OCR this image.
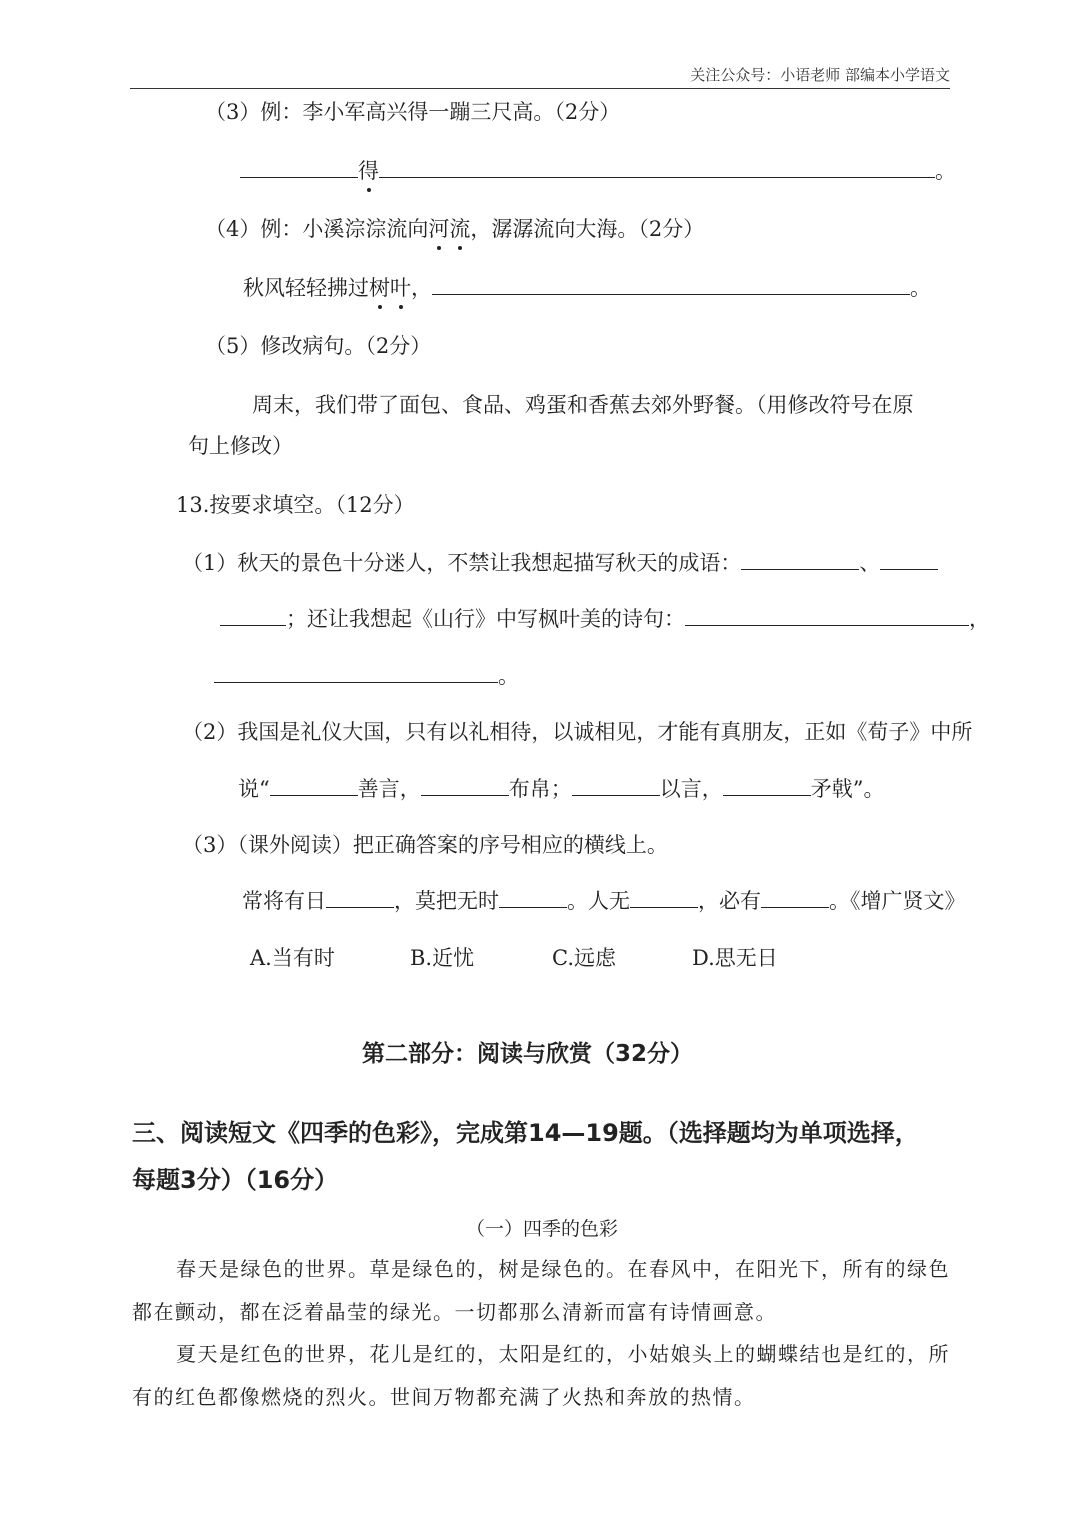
关注公众号：小语老师 部编本小学语文
（3）例：李小军高兴得一蹦三尺高。（2分）
得	。
（4）例：小溪淙淙流向河流，潺潺流向大海。（2分）
秋风轻轻拂过树叶，	。
（5）修改病句。（2分）
周末，我们带了面包、食品、鸡蛋和香蕉去郊外野餐。（用修改符号在原
句上修改）
13.按要求填空。（12分）
（1）秋天的景色十分迷人，不禁让我想起描写秋天的成语：	、
；还让我想起《山行》中写枫叶美的诗句：	，
。
（2）我国是礼仪大国，只有以礼相待，以诚相见，才能有真朋友，正如《荀子》中所
说“	善言，	布帛；	以言，	矛戟”。
（3）（课外阅读）把正确答案的序号相应的横线上。
常将有日	，莫把无时	。人无	，必有	。《增广贤文》
A.当有时	B.近忧	C.远虑	D.思无日
第二部分：阅读与欣赏（32分）
三、阅读短文《四季的色彩》，完成第14—19题。（选择题均为单项选择，
每题3分）（16分）
（一）四季的色彩
春天是绿色的世界。草是绿色的，树是绿色的。在春风中，在阳光下，所有的绿色都在颤动，都在泛着晶莹的绿光。一切都那么清新而富有诗情画意。
夏天是红色的世界，花儿是红的，太阳是红的，小姑娘头上的蝴蝶结也是红的，所有的红色都像燃烧的烈火。世间万物都充满了火热和奔放的热情。
